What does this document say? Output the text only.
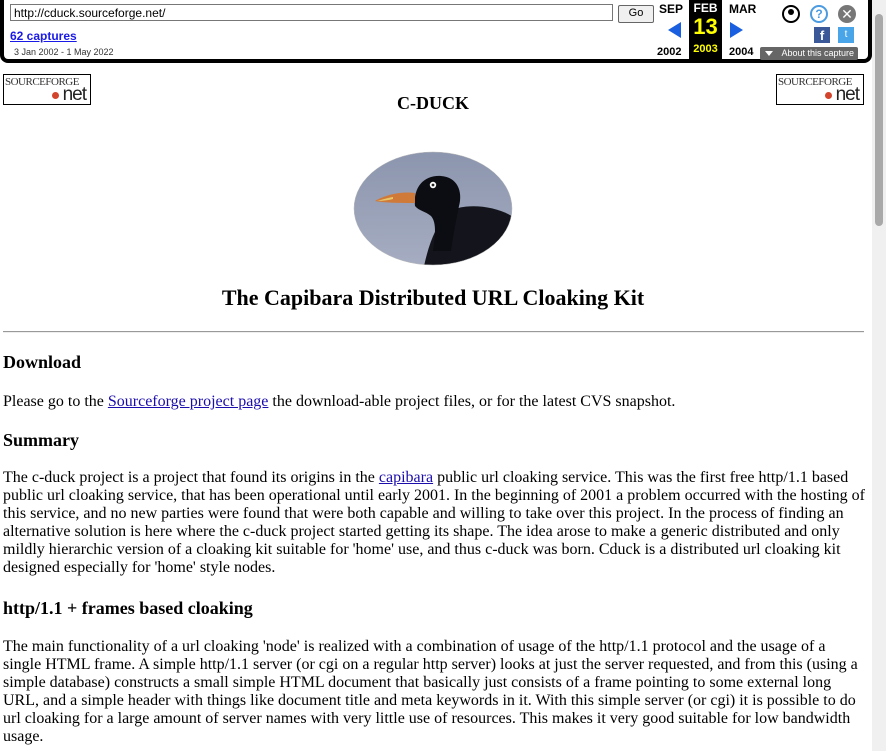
http://cduck.sourceforge.net/	Go
62 captures
3 Jan 2002 - 1 May 2022
SEP
2002
FEB
13
2003
MAR
2004
?	✕
f	t
About this capture
SOURCEFORGE
net
SOURCEFORGE
net
C-DUCK
The Capibara Distributed URL Cloaking Kit
Download

Please go to the Sourceforge project page the download-able project files, or for the latest CVS snapshot.

Summary

The c-duck project is a project that found its origins in the capibara public url cloaking service. This was the first free http/1.1 based public url cloaking service, that has been operational until early 2001. In the beginning of 2001 a problem occurred with the hosting of this service, and no new parties were found that were both capable and willing to take over this project. In the process of finding an alternative solution is here where the c-duck project started getting its shape. The idea arose to make a generic distributed and only mildly hierarchic version of a cloaking kit suitable for 'home' use, and thus c-duck was born. Cduck is a distributed url cloaking kit designed especially for 'home' style nodes.

http/1.1 + frames based cloaking

The main functionality of a url cloaking 'node' is realized with a combination of usage of the http/1.1 protocol and the usage of a single HTML frame. A simple http/1.1 server (or cgi on a regular http server) looks at just the server requested, and from this (using a simple database) constructs a small simple HTML document that basically just consists of a frame pointing to some external long URL, and a simple header with things like document title and meta keywords in it. With this simple server (or cgi) it is possible to do url cloaking for a large amount of server names with very little use of resources. This makes it very good suitable for low bandwidth usage.
